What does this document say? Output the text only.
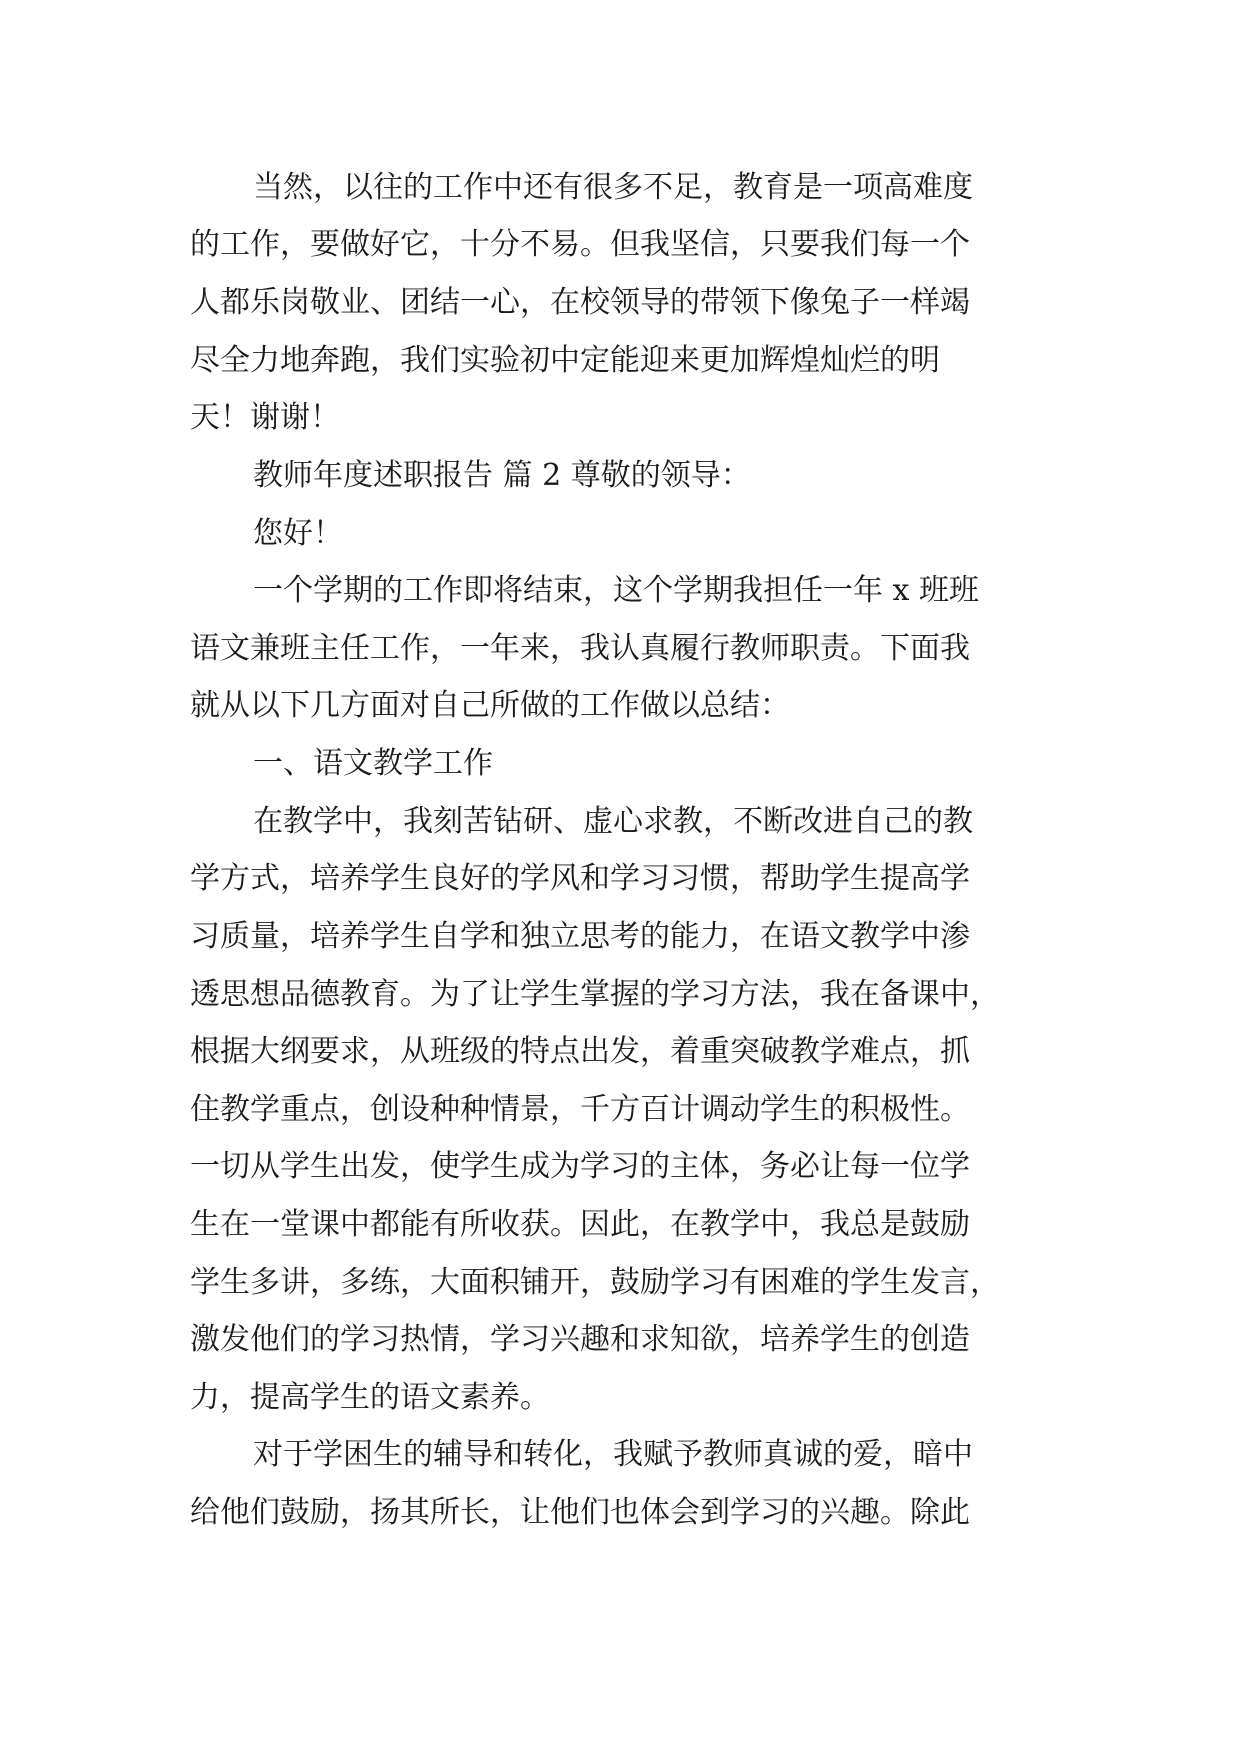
当然，以往的工作中还有很多不足，教育是一项高难度
的工作，要做好它，十分不易。但我坚信，只要我们每一个
人都乐岗敬业、团结一心，在校领导的带领下像兔子一样竭
尽全力地奔跑，我们实验初中定能迎来更加辉煌灿烂的明
天！谢谢！
教师年度述职报告 篇 2 尊敬的领导：
您好！
一个学期的工作即将结束，这个学期我担任一年 x 班班
语文兼班主任工作，一年来，我认真履行教师职责。下面我
就从以下几方面对自己所做的工作做以总结：
一、语文教学工作
在教学中，我刻苦钻研、虚心求教，不断改进自己的教
学方式，培养学生良好的学风和学习习惯，帮助学生提高学
习质量，培养学生自学和独立思考的能力，在语文教学中渗
透思想品德教育。为了让学生掌握的学习方法，我在备课中，
根据大纲要求，从班级的特点出发，着重突破教学难点，抓
住教学重点，创设种种情景，千方百计调动学生的积极性。
一切从学生出发，使学生成为学习的主体，务必让每一位学
生在一堂课中都能有所收获。因此，在教学中，我总是鼓励
学生多讲，多练，大面积铺开，鼓励学习有困难的学生发言，
激发他们的学习热情，学习兴趣和求知欲，培养学生的创造
力，提高学生的语文素养。
对于学困生的辅导和转化，我赋予教师真诚的爱，暗中
给他们鼓励，扬其所长，让他们也体会到学习的兴趣。除此
